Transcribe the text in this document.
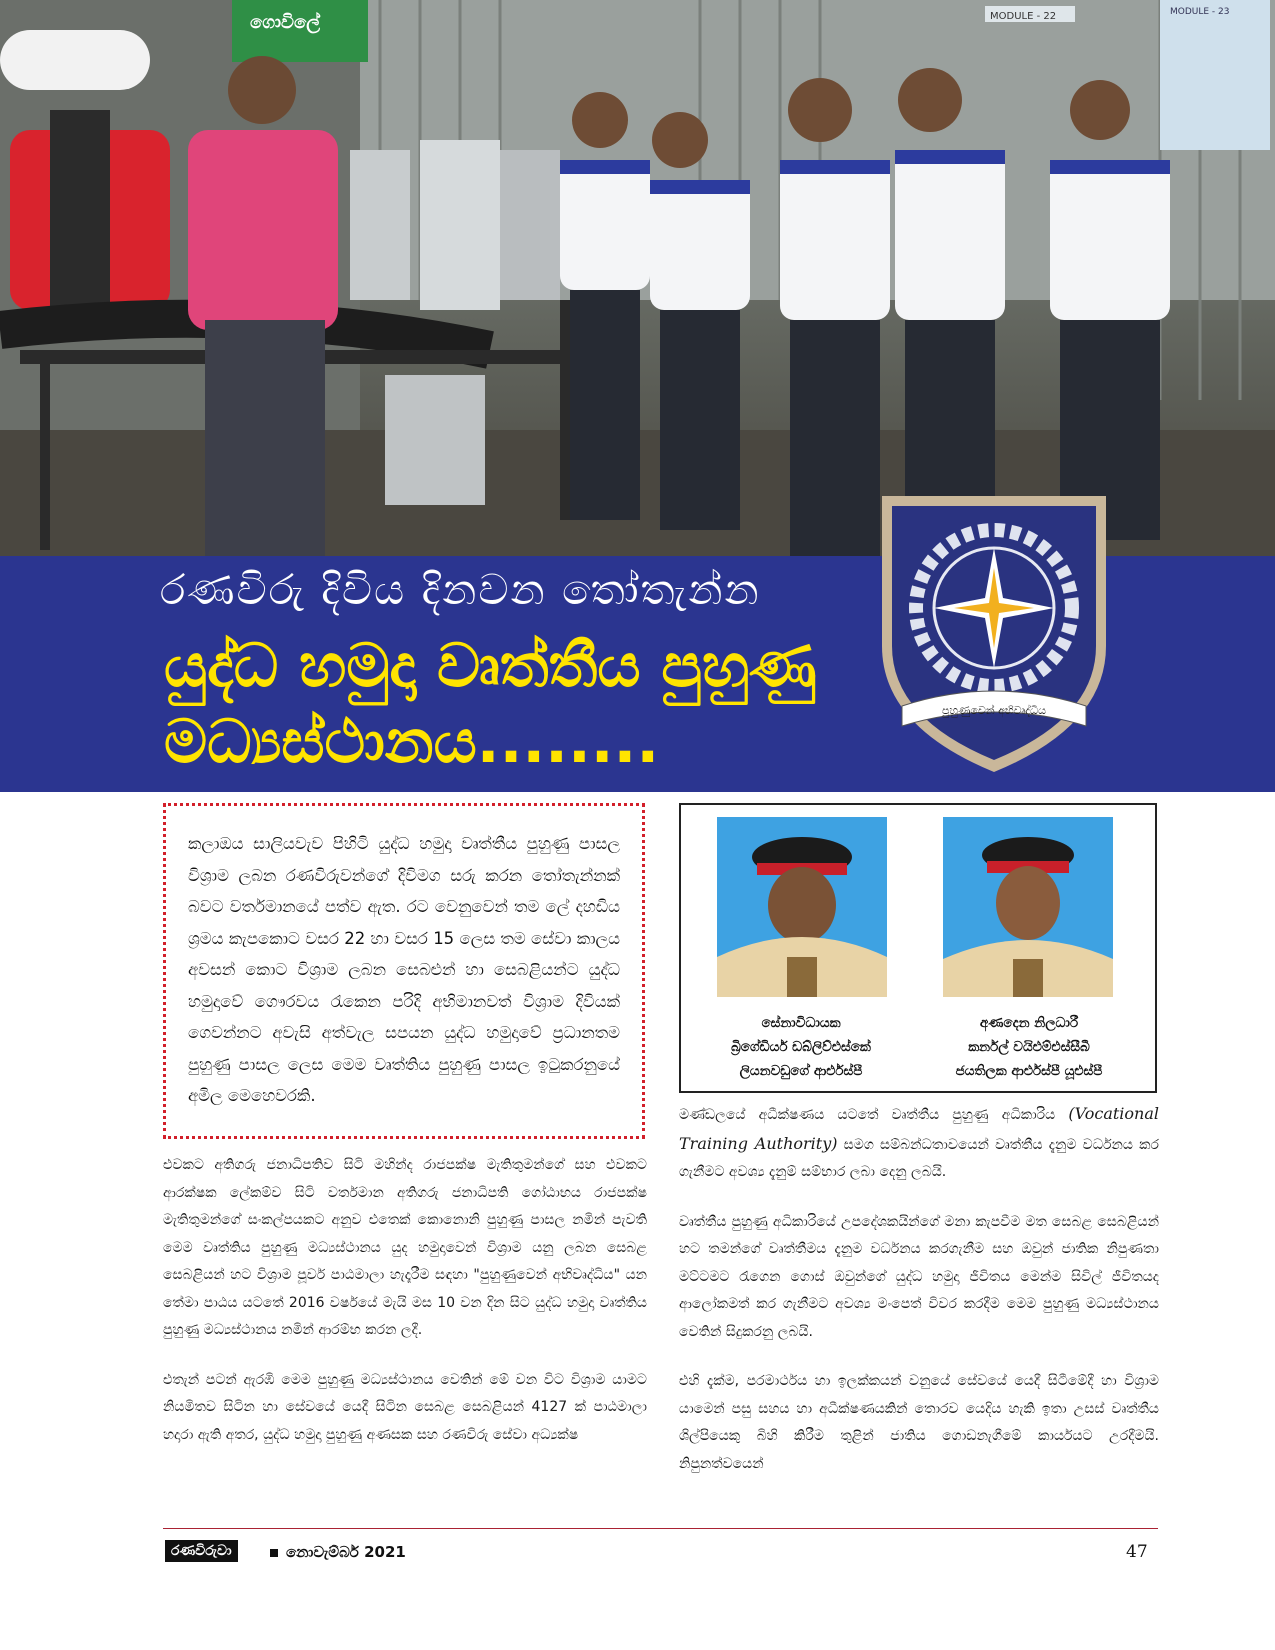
ගොවිලේ	MODULE - 22	MODULE - 23
රණවිරු දිවිය දිනවන තෝතැන්න
යුද්ධ හමුදා වෘත්තීය පුහුණු මධ්‍යස්ථානය........	පුහුණුවෙන් අභිවෘද්ධිය

කලාඔය සාලියවැව පිහිටි යුද්ධ හමුදා වෘත්තීය පුහුණු පාසල විශ්‍රාම ලබන රණවිරුවන්ගේ දිවිමග සරු කරන තෝතැන්නක් බවට වර්තමානයේ පත්ව ඇත. රට වෙනුවෙන් තම ලේ දහඩිය ශ්‍රමය කැපකොට වසර 22 හා වසර 15 ලෙස තම සේවා කාලය අවසන් කොට විශ්‍රාම ලබන සෙබළුන් හා සෙබළියන්ට යුද්ධ හමුදාවේ ගෞරවය රැකෙන පරිදි අභිමානවත් විශ්‍රාම දිවියක් ගෙවන්නට අවැසි අත්වැල සපයන යුද්ධ හමුදාවේ ප්‍රධානතම පුහුණු පාසල ලෙස මෙම වෘත්තිය පුහුණු පාසල ඉටුකරනුයේ අමිල මෙහෙවරකි.

සේනාවිධායක
බ්‍රිගේඩියර් ඩබ්ලිව්එස්කේ
ලියනවඩුගේ ආර්එස්පී
අණදෙන නිලධාරී
කර්නල් වයිඑම්එස්සීබී
ජයතිලක ආර්එස්පී යූඑස්පී

එවකට අතිගරු ජනාධිපතිව සිටි මහින්ද රාජපක්ෂ මැතිතුමන්ගේ සහ එවකට ආරක්ෂක ලේකම්ව සිටි වර්තමාන අතිගරු ජනාධිපති ගෝඨාභය රාජපක්ෂ මැතිතුමන්ගේ සංකල්පයකට අනුව එතෙක් කොනොනි පුහුණු පාසල නමින් පැවති මෙම වෘත්තිය පුහුණු මධ්‍යස්ථානය යුද හමුදාවෙන් විශ්‍රාම යනු ලබන සෙබළ සෙබළියන් හට විශ්‍රාම පූර්ව පාඨමාලා හැදෑරීම සඳහා "පුහුණුවෙන් අභිවෘද්ධිය" යන තේමා පාඨය යටතේ 2016 වර්ෂයේ මැයි මස 10 වන දින සිට යුද්ධ හමුදා වෘත්තිය පුහුණු මධ්‍යස්ථානය නමින් ආරම්භ කරන ලදී.

එතැන් පටන් ඇරඹි මෙම පුහුණු මධ්‍යස්ථානය වෙතින් මේ වන විට විශ්‍රාම යාමට නියමිතව සිටින හා සේවයේ යෙදී සිටින සෙබළ සෙබළියන් 4127 ක් පාඨමාලා හදාරා ඇති අතර, යුද්ධ හමුදා පුහුණු අණසක සහ රණවිරු සේවා අධ්‍යක්ෂ

මණ්ඩලයේ අධීක්ෂණය යටතේ වෘත්තීය පුහුණු අධිකාරිය (Vocational Training Authority) සමග සම්බන්ධතාවයෙන් වෘත්තීය දැනුම වර්ධනය කර ගැනීමට අවශ්‍ය දැනුම් සම්භාර ලබා දෙනු ලබයි.

වෘත්තීය පුහුණු අධිකාරියේ උපදේශකයින්ගේ මනා කැපවීම මත සෙබළ සෙබළියන් හට තමන්ගේ වෘත්තීමය දැනුම වර්ධනය කරගැනීම සහ ඔවුන් ජාතික නිපුණතා මට්ටමට රැගෙන ගොස් ඔවුන්ගේ යුද්ධ හමුදා ජීවිතය මෙන්ම සිවිල් ජීවිතයද ආලෝකමත් කර ගැනීමට අවශ්‍ය මංපෙත් විවර කරදීම මෙම පුහුණු මධ්‍යස්ථානය වෙතින් සිදුකරනු ලබයි.

එහි දැක්ම, පරමාර්ථය හා ඉලක්කයන් වනුයේ සේවයේ යෙදී සිටීමේදී හා විශ්‍රාම යාමෙන් පසු සහය හා අධීක්ෂණයකින් තොරව යෙදිය හැකි ඉතා උසස් වෘත්තීය ශිල්පියෙකු බිහි කිරීම තුළින් ජාතිය ගොඩනැගීමේ කාර්යයට උරදීමයි. නිපුනත්වයෙන්

රණවිරුවා	නොවැම්බර් 2021	47
